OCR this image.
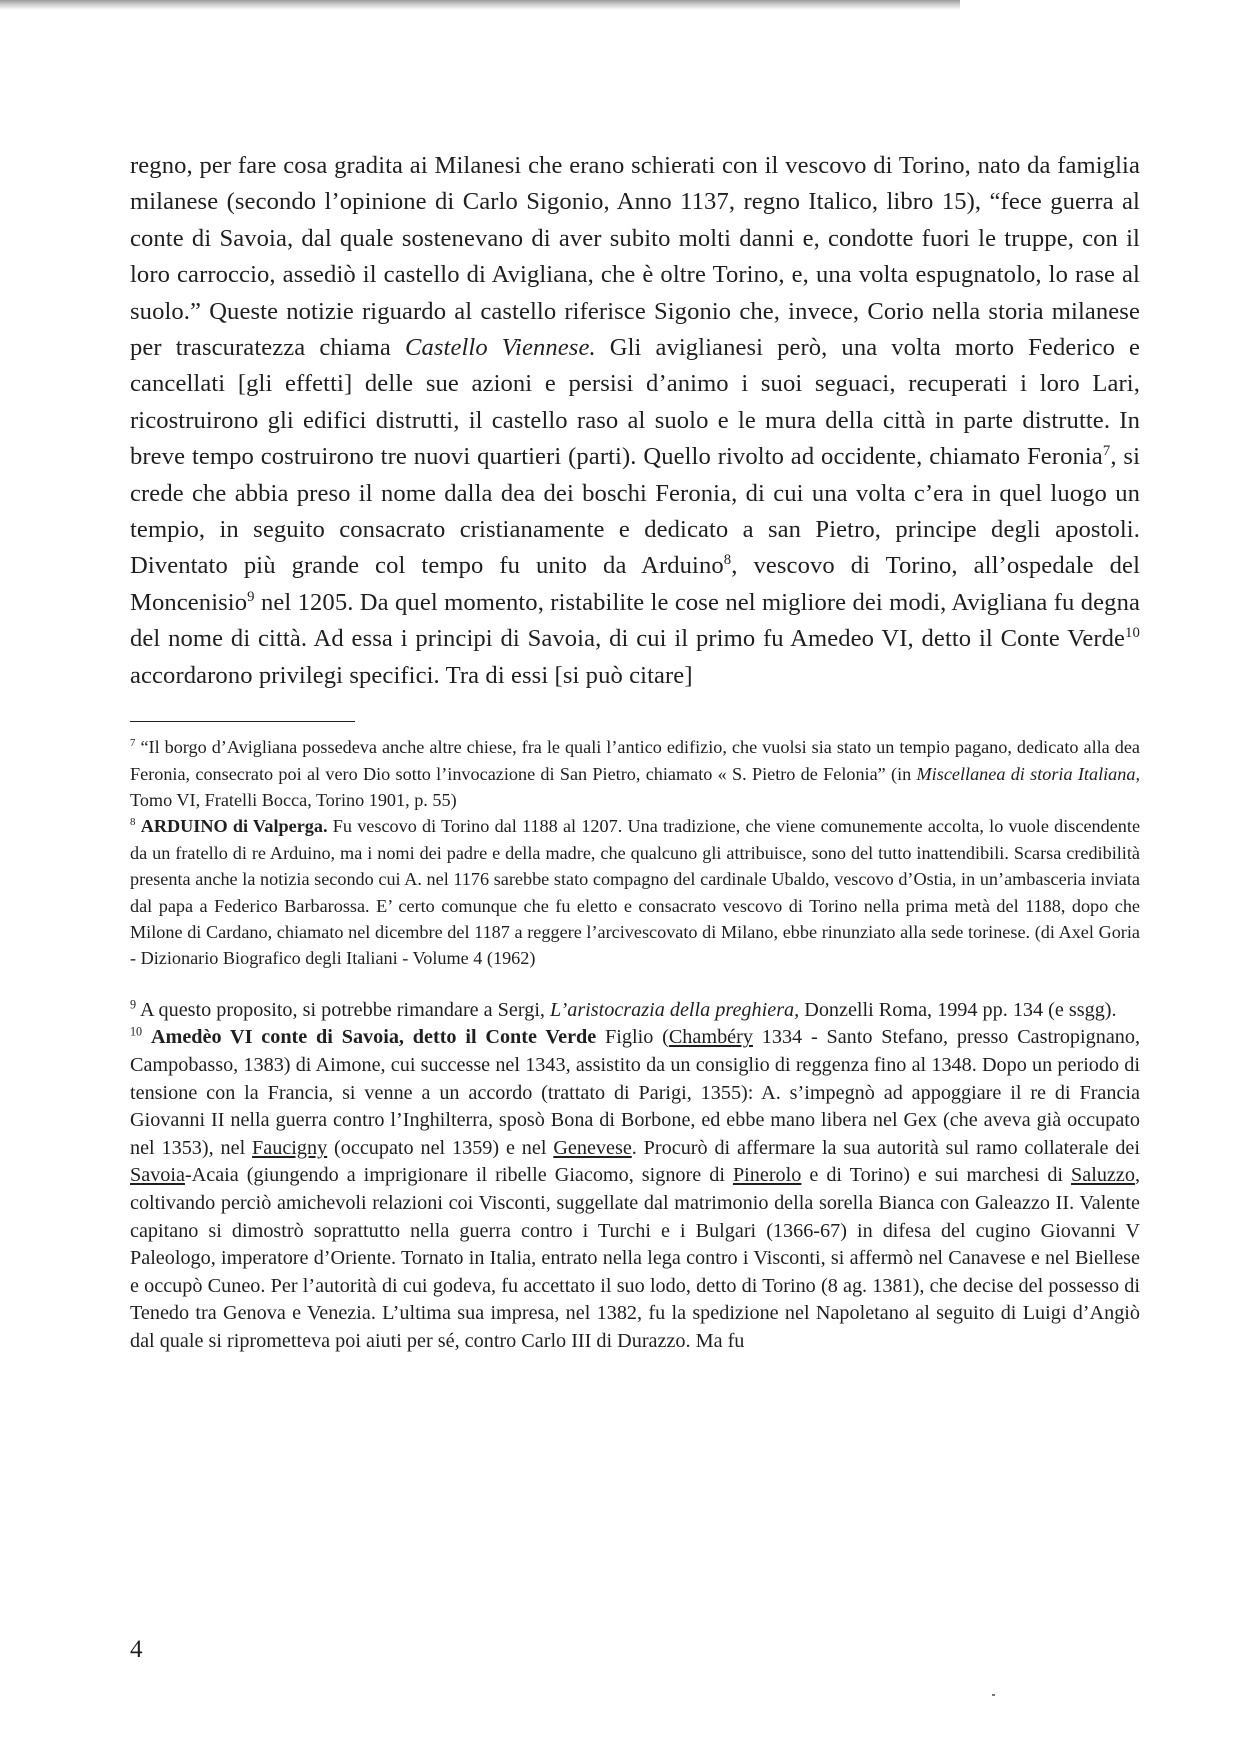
regno, per fare cosa gradita ai Milanesi che erano schierati con il vescovo di Torino, nato da famiglia milanese (secondo l’opinione di Carlo Sigonio, Anno 1137, regno Italico, libro 15), “fece guerra al conte di Savoia, dal quale sostenevano di aver subito molti danni e, condotte fuori le truppe, con il loro carroccio, assediò il castello di Avigliana, che è oltre Torino, e, una volta espugnatolo, lo rase al suolo.” Queste notizie riguardo al castello riferisce Sigonio che, invece, Corio nella storia milanese per trascuratezza chiama Castello Viennese. Gli aviglianesi però, una volta morto Federico e cancellati [gli effetti] delle sue azioni e persisi d’animo i suoi seguaci, recuperati i loro Lari, ricostruirono gli edifici distrutti, il castello raso al suolo e le mura della città in parte distrutte. In breve tempo costruirono tre nuovi quartieri (parti). Quello rivolto ad occidente, chiamato Feronia$^7$, si crede che abbia preso il nome dalla dea dei boschi Feronia, di cui una volta c’era in quel luogo un tempio, in seguito consacrato cristianamente e dedicato a san Pietro, principe degli apostoli. Diventato più grande col tempo fu unito da Arduino$^8$, vescovo di Torino, all’ospedale del Moncenisio$^9$ nel 1205. Da quel momento, ristabilite le cose nel migliore dei modi, Avigliana fu degna del nome di città. Ad essa i principi di Savoia, di cui il primo fu Amedeo VI, detto il Conte Verde$^{10}$ accordarono privilegi specifici. Tra di essi [si può citare]

$^7$ “Il borgo d’Avigliana possedeva anche altre chiese, fra le quali l’antico edifizio, che vuolsi sia stato un tempio pagano, dedicato alla dea Feronia, consecrato poi al vero Dio sotto l’invocazione di San Pietro, chiamato « S. Pietro de Felonia” (in Miscellanea di storia Italiana, Tomo VI, Fratelli Bocca, Torino 1901, p. 55)

$^8$ ARDUINO di Valperga. Fu vescovo di Torino dal 1188 al 1207. Una tradizione, che viene comunemente accolta, lo vuole discendente da un fratello di re Arduino, ma i nomi dei padre e della madre, che qualcuno gli attribuisce, sono del tutto inattendibili. Scarsa credibilità presenta anche la notizia secondo cui A. nel 1176 sarebbe stato compagno del cardinale Ubaldo, vescovo d’Ostia, in un’ambasceria inviata dal papa a Federico Barbarossa. E’ certo comunque che fu eletto e consacrato vescovo di Torino nella prima metà del 1188, dopo che Milone di Cardano, chiamato nel dicembre del 1187 a reggere l’arcivescovato di Milano, ebbe rinunziato alla sede torinese. (di Axel Goria - Dizionario Biografico degli Italiani - Volume 4 (1962)

$^9$ A questo proposito, si potrebbe rimandare a Sergi, L’aristocrazia della preghiera, Donzelli Roma, 1994 pp. 134 (e ssgg).

$^{10}$ Amedèo VI conte di Savoia, detto il Conte Verde Figlio (Chambéry 1334 - Santo Stefano, presso Castropignano, Campobasso, 1383) di Aimone, cui successe nel 1343, assistito da un consiglio di reggenza fino al 1348. Dopo un periodo di tensione con la Francia, si venne a un accordo (trattato di Parigi, 1355): A. s’impegnò ad appoggiare il re di Francia Giovanni II nella guerra contro l’Inghilterra, sposò Bona di Borbone, ed ebbe mano libera nel Gex (che aveva già occupato nel 1353), nel Faucigny (occupato nel 1359) e nel Genevese. Procurò di affermare la sua autorità sul ramo collaterale dei Savoia-Acaia (giungendo a imprigionare il ribelle Giacomo, signore di Pinerolo e di Torino) e sui marchesi di Saluzzo, coltivando perciò amichevoli relazioni coi Visconti, suggellate dal matrimonio della sorella Bianca con Galeazzo II. Valente capitano si dimostrò soprattutto nella guerra contro i Turchi e i Bulgari (1366-67) in difesa del cugino Giovanni V Paleologo, imperatore d’Oriente. Tornato in Italia, entrato nella lega contro i Visconti, si affermò nel Canavese e nel Biellese e occupò Cuneo. Per l’autorità di cui godeva, fu accettato il suo lodo, detto di Torino (8 ag. 1381), che decise del possesso di Tenedo tra Genova e Venezia. L’ultima sua impresa, nel 1382, fu la spedizione nel Napoletano al seguito di Luigi d’Angiò dal quale si riprometteva poi aiuti per sé, contro Carlo III di Durazzo. Ma fu

4
